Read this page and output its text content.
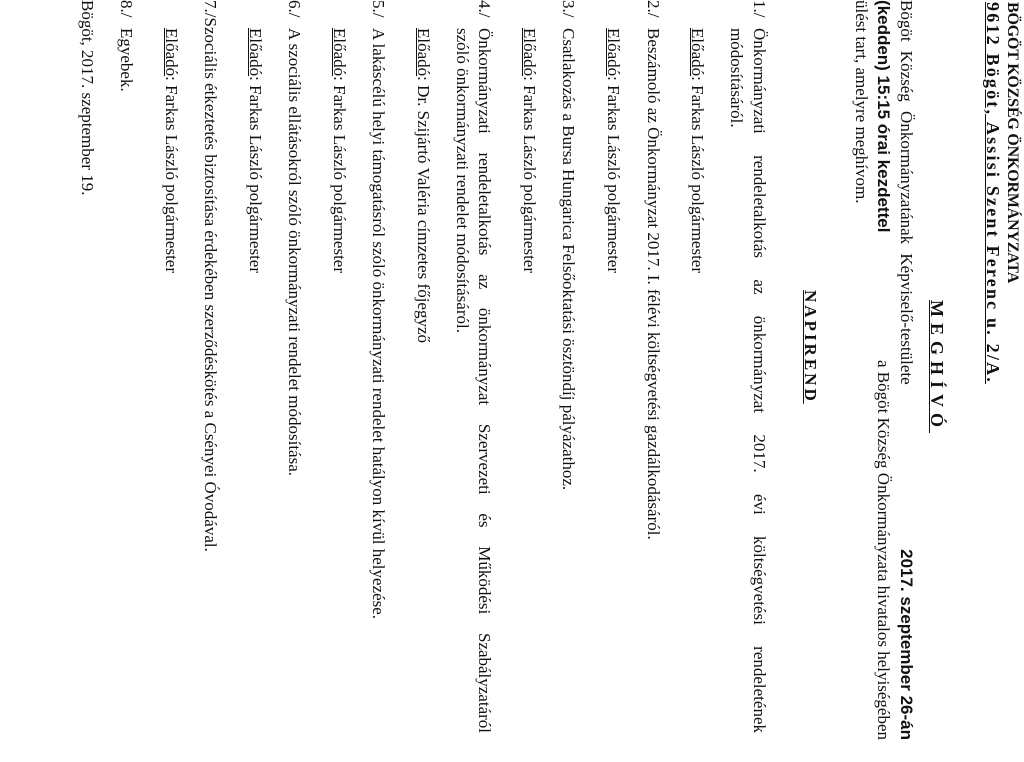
BÖGÖT KÖZSÉG ÖNKORMÁNYZATA
9612 Bögöt, Assisi Szent Ferenc u. 2/A.
MEGHÍVÓ
Bögöt Község Önkormányzatának Képviselő-testülete
2017. szeptember 26-án
(kedden) 15:15 órai kezdettel
a Bögöt Község Önkormányzata hivatalos helyiségében
ülést tart, amelyre meghívom.
NAPIREND
1./Önkormányzati rendeletalkotás az önkormányzat 2017. évi költségvetési rendeletének
módosításáról.
Előadó: Farkas László polgármester
2./Beszámoló az Önkormányzat 2017. I. félévi költségvetési gazdálkodásáról.
Előadó: Farkas László polgármester
3./Csatlakozás a Bursa Hungarica Felsőoktatási ösztöndíj pályázathoz.
Előadó: Farkas László polgármester
4./Önkormányzati rendeletalkotás az önkormányzat Szervezeti és Működési Szabályzatáról
szóló önkormányzati rendelet módosításáról.
Előadó: Dr. Szijártó Valéria címzetes főjegyző
5./A lakáscélú helyi támogatásról szóló önkormányzati rendelet hatályon kívül helyezése.
Előadó: Farkas László polgármester
6./A szociális ellátásokról szóló önkormányzati rendelet módosítása.
Előadó: Farkas László polgármester
7./Szociális étkeztetés biztosítása érdekében szerződéskötés a Csényei Óvodával.
Előadó: Farkas László polgármester
8./Egyebek.
Bögöt, 2017. szeptember 19.
